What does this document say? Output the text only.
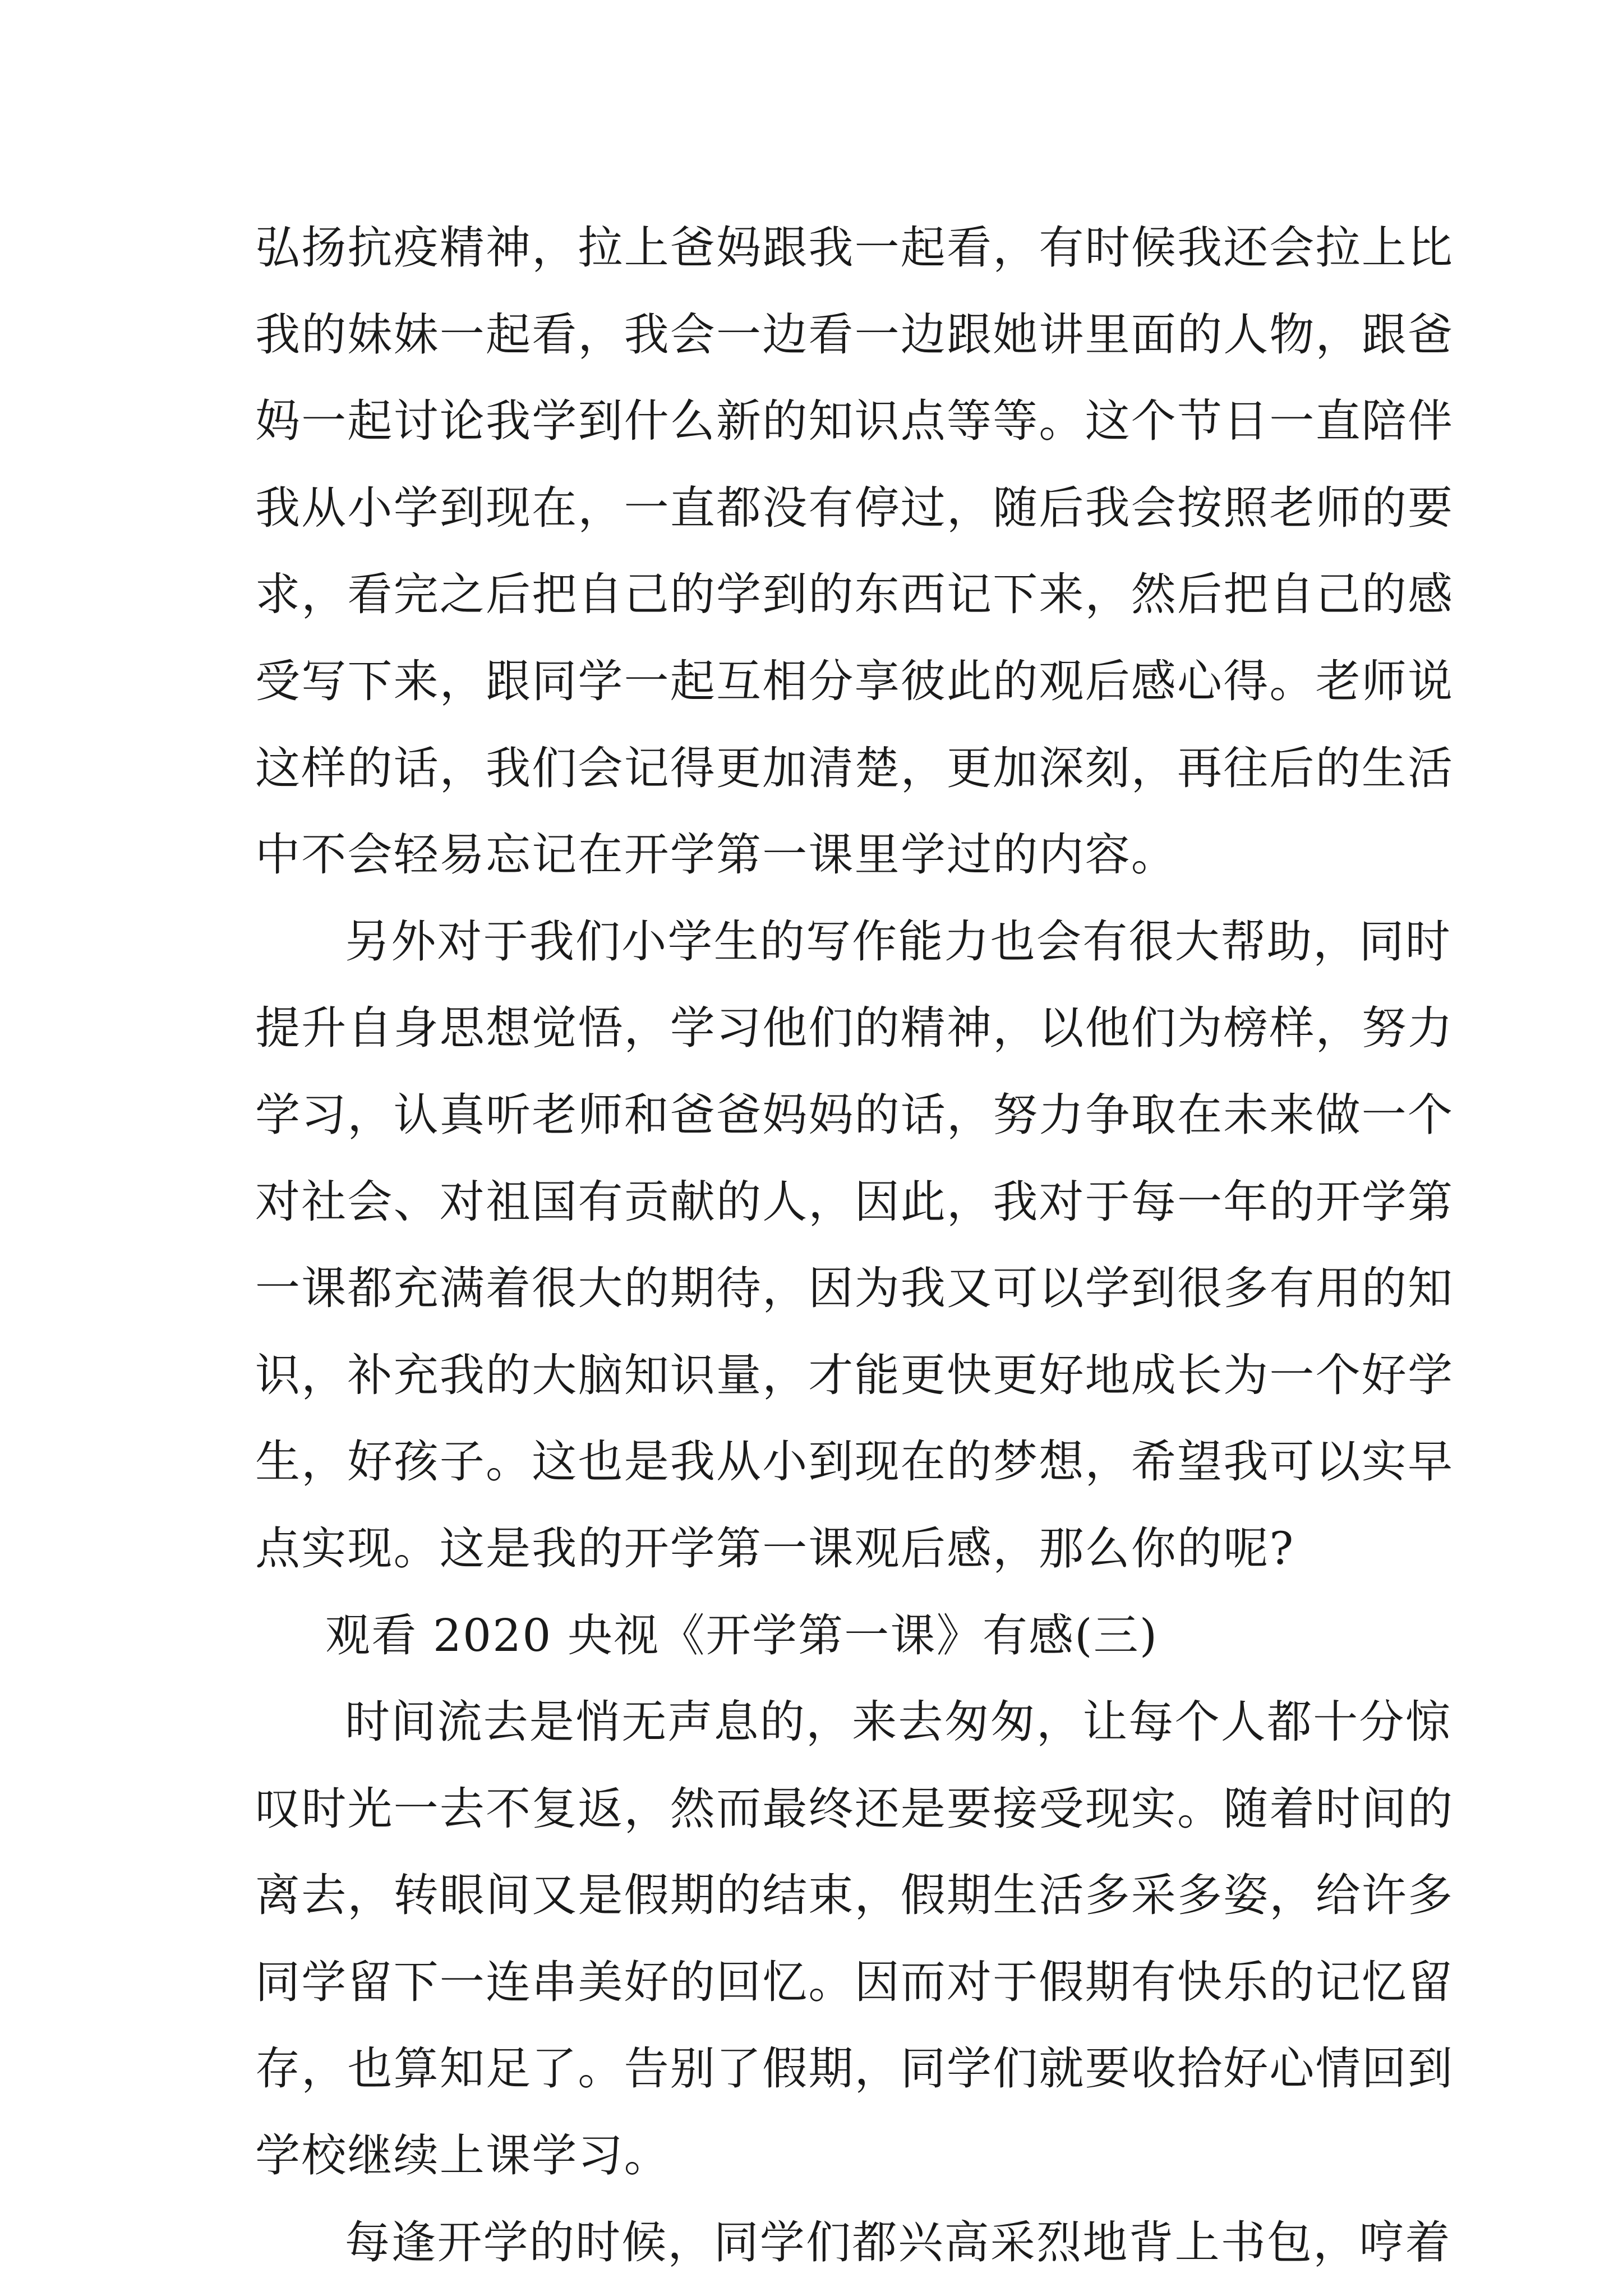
弘扬抗疫精神，拉上爸妈跟我一起看，有时候我还会拉上比
我的妹妹一起看，我会一边看一边跟她讲里面的人物，跟爸
妈一起讨论我学到什么新的知识点等等。这个节日一直陪伴
我从小学到现在，一直都没有停过，随后我会按照老师的要
求，看完之后把自己的学到的东西记下来，然后把自己的感
受写下来，跟同学一起互相分享彼此的观后感心得。老师说
这样的话，我们会记得更加清楚，更加深刻，再往后的生活
中不会轻易忘记在开学第一课里学过的内容。
另外对于我们小学生的写作能力也会有很大帮助，同时
提升自身思想觉悟，学习他们的精神，以他们为榜样，努力
学习，认真听老师和爸爸妈妈的话，努力争取在未来做一个
对社会、对祖国有贡献的人，因此，我对于每一年的开学第
一课都充满着很大的期待，因为我又可以学到很多有用的知
识，补充我的大脑知识量，才能更快更好地成长为一个好学
生，好孩子。这也是我从小到现在的梦想，希望我可以实早
点实现。这是我的开学第一课观后感，那么你的呢?
观看 2020 央视《开学第一课》有感(三)
时间流去是悄无声息的，来去匆匆，让每个人都十分惊
叹时光一去不复返，然而最终还是要接受现实。随着时间的
离去，转眼间又是假期的结束，假期生活多采多姿，给许多
同学留下一连串美好的回忆。因而对于假期有快乐的记忆留
存，也算知足了。告别了假期，同学们就要收拾好心情回到
学校继续上课学习。
每逢开学的时候，同学们都兴高采烈地背上书包，哼着
